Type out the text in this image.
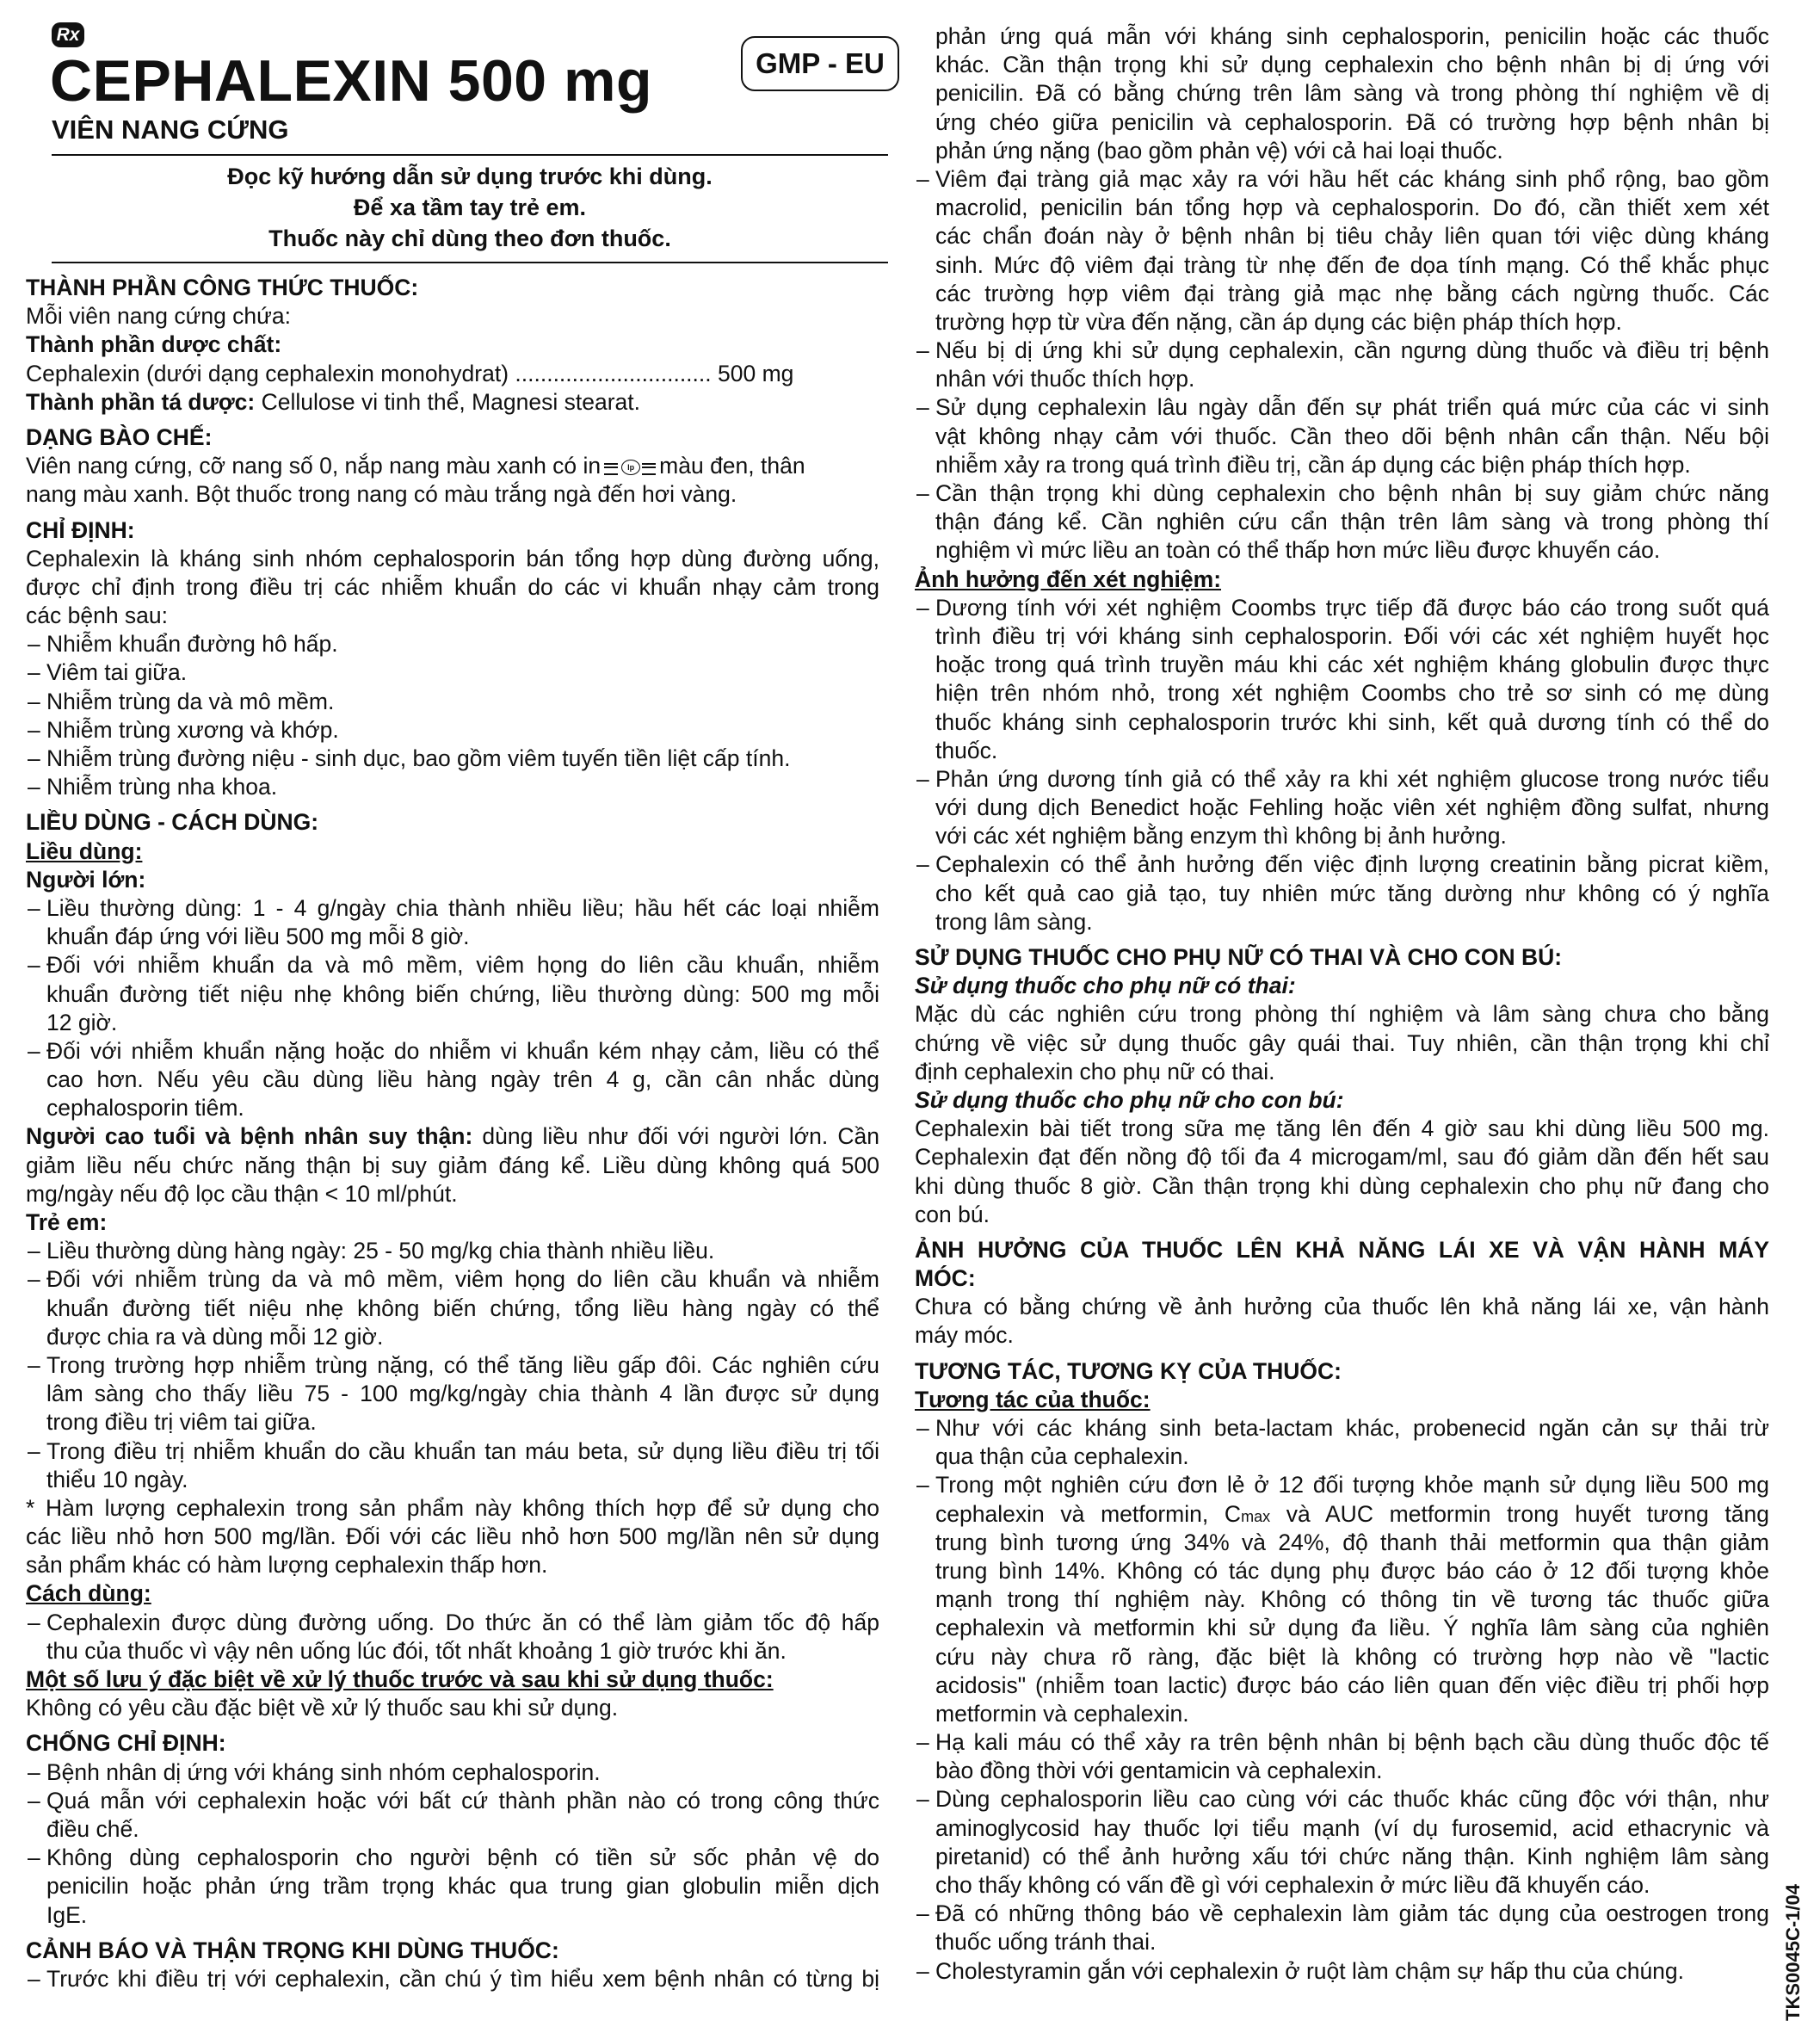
Rx
CEPHALEXIN 500 mg	GMP - EU
VIÊN NANG CỨNG
Đọc kỹ hướng dẫn sử dụng trước khi dùng.
Để xa tầm tay trẻ em.
Thuốc này chỉ dùng theo đơn thuốc.
THÀNH PHẦN CÔNG THỨC THUỐC:
Mỗi viên nang cứng chứa:
Thành phần dược chất:
Cephalexin (dưới dạng cephalexin monohydrat) ............................... 500 mg
Thành phần tá dược: Cellulose vi tinh thể, Magnesi stearat.
DẠNG BÀO CHẾ:
Viên nang cứng, cỡ nang số 0, nắp nang màu xanh có in	lp màu đen, thân
nang màu xanh. Bột thuốc trong nang có màu trắng ngà đến hơi vàng.
CHỈ ĐỊNH:
Cephalexin là kháng sinh nhóm cephalosporin bán tổng hợp dùng đường uống,
được chỉ định trong điều trị các nhiễm khuẩn do các vi khuẩn nhạy cảm trong
các bệnh sau:
– Nhiễm khuẩn đường hô hấp.
– Viêm tai giữa.
– Nhiễm trùng da và mô mềm.
– Nhiễm trùng xương và khớp.
– Nhiễm trùng đường niệu - sinh dục, bao gồm viêm tuyến tiền liệt cấp tính.
– Nhiễm trùng nha khoa.
LIỀU DÙNG - CÁCH DÙNG:
Liều dùng:
Người lớn:
– Liều thường dùng: 1 - 4 g/ngày chia thành nhiều liều; hầu hết các loại nhiễm
khuẩn đáp ứng với liều 500 mg mỗi 8 giờ.
– Đối với nhiễm khuẩn da và mô mềm, viêm họng do liên cầu khuẩn, nhiễm
khuẩn đường tiết niệu nhẹ không biến chứng, liều thường dùng: 500 mg mỗi
12 giờ.
– Đối với nhiễm khuẩn nặng hoặc do nhiễm vi khuẩn kém nhạy cảm, liều có thể
cao hơn. Nếu yêu cầu dùng liều hàng ngày trên 4 g, cần cân nhắc dùng
cephalosporin tiêm.
Người cao tuổi và bệnh nhân suy thận: dùng liều như đối với người lớn. Cần
giảm liều nếu chức năng thận bị suy giảm đáng kể. Liều dùng không quá 500
mg/ngày nếu độ lọc cầu thận < 10 ml/phút.
Trẻ em:
– Liều thường dùng hàng ngày: 25 - 50 mg/kg chia thành nhiều liều.
– Đối với nhiễm trùng da và mô mềm, viêm họng do liên cầu khuẩn và nhiễm
khuẩn đường tiết niệu nhẹ không biến chứng, tổng liều hàng ngày có thể
được chia ra và dùng mỗi 12 giờ.
– Trong trường hợp nhiễm trùng nặng, có thể tăng liều gấp đôi. Các nghiên cứu
lâm sàng cho thấy liều 75 - 100 mg/kg/ngày chia thành 4 lần được sử dụng
trong điều trị viêm tai giữa.
– Trong điều trị nhiễm khuẩn do cầu khuẩn tan máu beta, sử dụng liều điều trị tối
thiểu 10 ngày.
* Hàm lượng cephalexin trong sản phẩm này không thích hợp để sử dụng cho
các liều nhỏ hơn 500 mg/lần. Đối với các liều nhỏ hơn 500 mg/lần nên sử dụng
sản phẩm khác có hàm lượng cephalexin thấp hơn.
Cách dùng:
– Cephalexin được dùng đường uống. Do thức ăn có thể làm giảm tốc độ hấp
thu của thuốc vì vậy nên uống lúc đói, tốt nhất khoảng 1 giờ trước khi ăn.
Một số lưu ý đặc biệt về xử lý thuốc trước và sau khi sử dụng thuốc:
Không có yêu cầu đặc biệt về xử lý thuốc sau khi sử dụng.
CHỐNG CHỈ ĐỊNH:
– Bệnh nhân dị ứng với kháng sinh nhóm cephalosporin.
– Quá mẫn với cephalexin hoặc với bất cứ thành phần nào có trong công thức
điều chế.
– Không dùng cephalosporin cho người bệnh có tiền sử sốc phản vệ do
penicilin hoặc phản ứng trầm trọng khác qua trung gian globulin miễn dịch
IgE.
CẢNH BÁO VÀ THẬN TRỌNG KHI DÙNG THUỐC:
– Trước khi điều trị với cephalexin, cần chú ý tìm hiểu xem bệnh nhân có từng bị
phản ứng quá mẫn với kháng sinh cephalosporin, penicilin hoặc các thuốc
khác. Cần thận trọng khi sử dụng cephalexin cho bệnh nhân bị dị ứng với
penicilin. Đã có bằng chứng trên lâm sàng và trong phòng thí nghiệm về dị
ứng chéo giữa penicilin và cephalosporin. Đã có trường hợp bệnh nhân bị
phản ứng nặng (bao gồm phản vệ) với cả hai loại thuốc.
– Viêm đại tràng giả mạc xảy ra với hầu hết các kháng sinh phổ rộng, bao gồm
macrolid, penicilin bán tổng hợp và cephalosporin. Do đó, cần thiết xem xét
các chẩn đoán này ở bệnh nhân bị tiêu chảy liên quan tới việc dùng kháng
sinh. Mức độ viêm đại tràng từ nhẹ đến đe dọa tính mạng. Có thể khắc phục
các trường hợp viêm đại tràng giả mạc nhẹ bằng cách ngừng thuốc. Các
trường hợp từ vừa đến nặng, cần áp dụng các biện pháp thích hợp.
– Nếu bị dị ứng khi sử dụng cephalexin, cần ngưng dùng thuốc và điều trị bệnh
nhân với thuốc thích hợp.
– Sử dụng cephalexin lâu ngày dẫn đến sự phát triển quá mức của các vi sinh
vật không nhạy cảm với thuốc. Cần theo dõi bệnh nhân cẩn thận. Nếu bội
nhiễm xảy ra trong quá trình điều trị, cần áp dụng các biện pháp thích hợp.
– Cần thận trọng khi dùng cephalexin cho bệnh nhân bị suy giảm chức năng
thận đáng kể. Cần nghiên cứu cẩn thận trên lâm sàng và trong phòng thí
nghiệm vì mức liều an toàn có thể thấp hơn mức liều được khuyến cáo.
Ảnh hưởng đến xét nghiệm:
– Dương tính với xét nghiệm Coombs trực tiếp đã được báo cáo trong suốt quá
trình điều trị với kháng sinh cephalosporin. Đối với các xét nghiệm huyết học
hoặc trong quá trình truyền máu khi các xét nghiệm kháng globulin được thực
hiện trên nhóm nhỏ, trong xét nghiệm Coombs cho trẻ sơ sinh có mẹ dùng
thuốc kháng sinh cephalosporin trước khi sinh, kết quả dương tính có thể do
thuốc.
– Phản ứng dương tính giả có thể xảy ra khi xét nghiệm glucose trong nước tiểu
với dung dịch Benedict hoặc Fehling hoặc viên xét nghiệm đồng sulfat, nhưng
với các xét nghiệm bằng enzym thì không bị ảnh hưởng.
– Cephalexin có thể ảnh hưởng đến việc định lượng creatinin bằng picrat kiềm,
cho kết quả cao giả tạo, tuy nhiên mức tăng dường như không có ý nghĩa
trong lâm sàng.
SỬ DỤNG THUỐC CHO PHỤ NỮ CÓ THAI VÀ CHO CON BÚ:
Sử dụng thuốc cho phụ nữ có thai:
Mặc dù các nghiên cứu trong phòng thí nghiệm và lâm sàng chưa cho bằng
chứng về việc sử dụng thuốc gây quái thai. Tuy nhiên, cần thận trọng khi chỉ
định cephalexin cho phụ nữ có thai.
Sử dụng thuốc cho phụ nữ cho con bú:
Cephalexin bài tiết trong sữa mẹ tăng lên đến 4 giờ sau khi dùng liều 500 mg.
Cephalexin đạt đến nồng độ tối đa 4 microgam/ml, sau đó giảm dần đến hết sau
khi dùng thuốc 8 giờ. Cần thận trọng khi dùng cephalexin cho phụ nữ đang cho
con bú.
ẢNH HƯỞNG CỦA THUỐC LÊN KHẢ NĂNG LÁI XE VÀ VẬN HÀNH MÁY
MÓC:
Chưa có bằng chứng về ảnh hưởng của thuốc lên khả năng lái xe, vận hành
máy móc.
TƯƠNG TÁC, TƯƠNG KỴ CỦA THUỐC:
Tương tác của thuốc:
– Như với các kháng sinh beta-lactam khác, probenecid ngăn cản sự thải trừ
qua thận của cephalexin.
– Trong một nghiên cứu đơn lẻ ở 12 đối tượng khỏe mạnh sử dụng liều 500 mg
cephalexin và metformin, Cmax và AUC metformin trong huyết tương tăng
trung bình tương ứng 34% và 24%, độ thanh thải metformin qua thận giảm
trung bình 14%. Không có tác dụng phụ được báo cáo ở 12 đối tượng khỏe
mạnh trong thí nghiệm này. Không có thông tin về tương tác thuốc giữa
cephalexin và metformin khi sử dụng đa liều. Ý nghĩa lâm sàng của nghiên
cứu này chưa rõ ràng, đặc biệt là không có trường hợp nào về "lactic
acidosis" (nhiễm toan lactic) được báo cáo liên quan đến việc điều trị phối hợp
metformin và cephalexin.
– Hạ kali máu có thể xảy ra trên bệnh nhân bị bệnh bạch cầu dùng thuốc độc tế
bào đồng thời với gentamicin và cephalexin.
– Dùng cephalosporin liều cao cùng với các thuốc khác cũng độc với thận, như
aminoglycosid hay thuốc lợi tiểu mạnh (ví dụ furosemid, acid ethacrynic và
piretanid) có thể ảnh hưởng xấu tới chức năng thận. Kinh nghiệm lâm sàng
cho thấy không có vấn đề gì với cephalexin ở mức liều đã khuyến cáo.
– Đã có những thông báo về cephalexin làm giảm tác dụng của oestrogen trong
thuốc uống tránh thai.
– Cholestyramin gắn với cephalexin ở ruột làm chậm sự hấp thu của chúng.	TKS0045C-1/04
